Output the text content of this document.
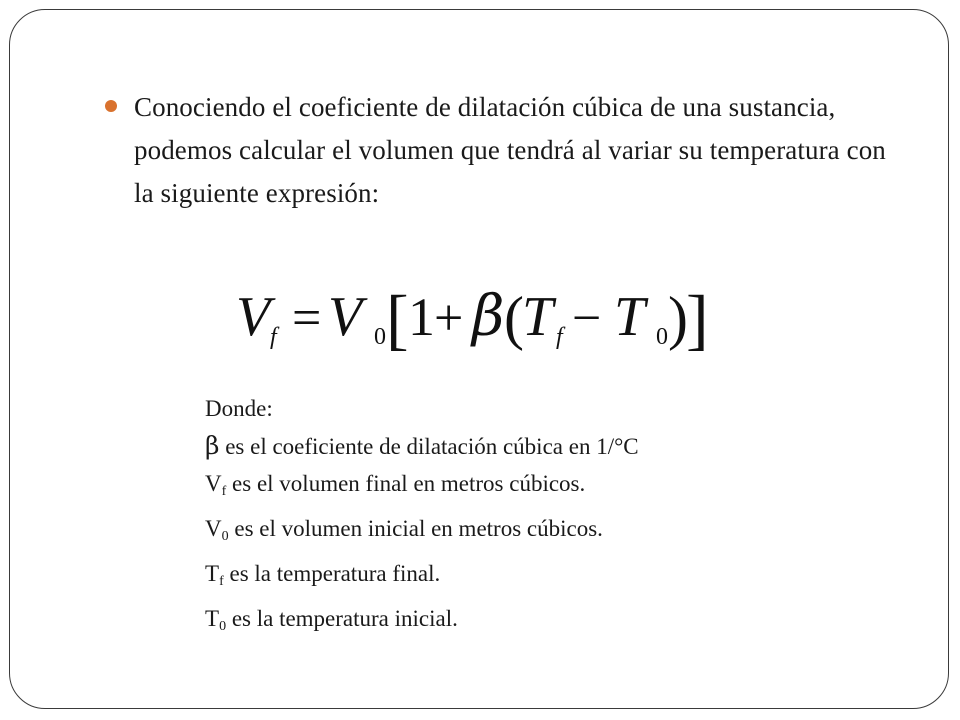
Conociendo el coeficiente de dilatación cúbica de una sustancia, podemos calcular el volumen que tendrá al variar su temperatura con la siguiente expresión:
V f = V 0 [ 1 + β (
T f − T 0 )
]
Donde:
β es el coeficiente de dilatación cúbica en 1/°C
$V_f$ es el volumen final en metros cúbicos.
$V_0$ es el volumen inicial en metros cúbicos.
$T_f$ es la temperatura final.
$T_0$ es la temperatura inicial.
